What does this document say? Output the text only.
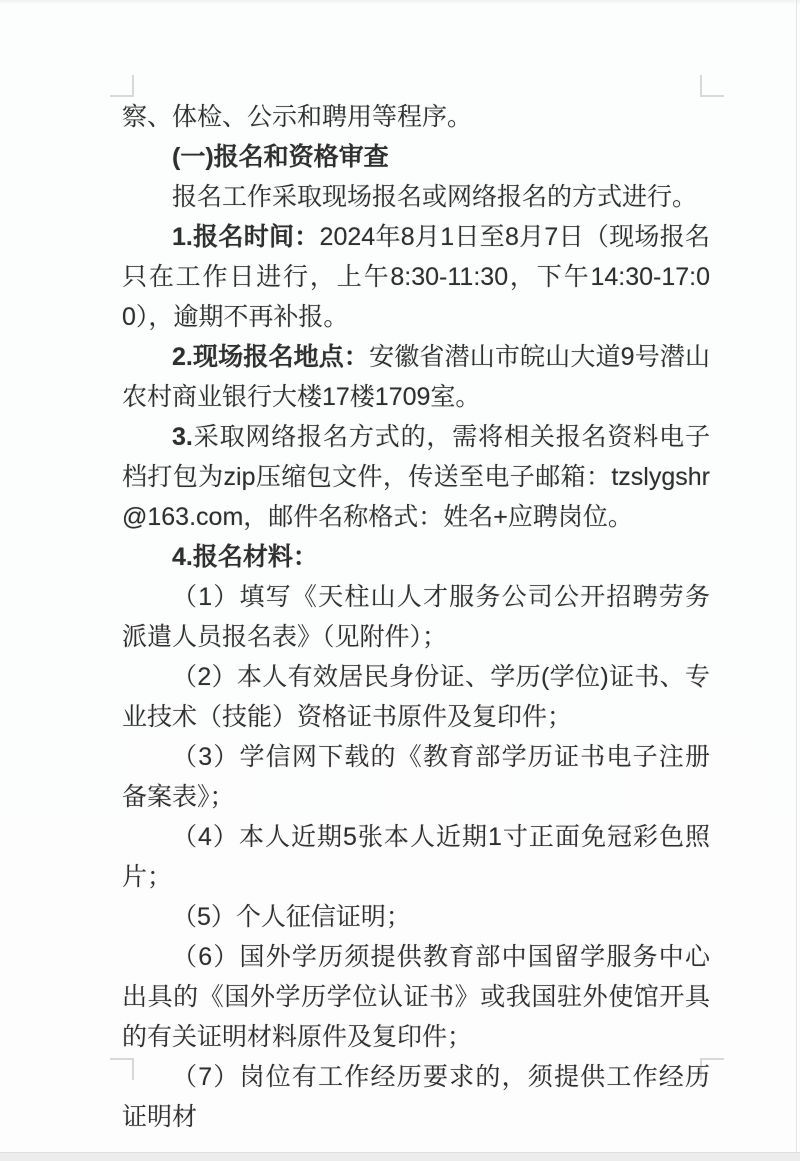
察、体检、公示和聘用等程序。

(一)报名和资格审查

报名工作采取现场报名或网络报名的方式进行。

1.报名时间：2024年8月1日至8月7日（现场报名只在工作日进行，上午8:30-11:30，下午14:30-17:00），逾期不再补报。

2.现场报名地点：安徽省潜山市皖山大道9号潜山农村商业银行大楼17楼1709室。

3.采取网络报名方式的，需将相关报名资料电子档打包为zip压缩包文件，传送至电子邮箱：tzslygshr@163.com，邮件名称格式：姓名+应聘岗位。

4.报名材料：

（1）填写《天柱山人才服务公司公开招聘劳务派遣人员报名表》（见附件）；

（2）本人有效居民身份证、学历(学位)证书、专业技术（技能）资格证书原件及复印件；

（3）学信网下载的《教育部学历证书电子注册备案表》；

（4）本人近期5张本人近期1寸正面免冠彩色照片；

（5）个人征信证明；

（6）国外学历须提供教育部中国留学服务中心出具的《国外学历学位认证书》或我国驻外使馆开具的有关证明材料原件及复印件；

（7）岗位有工作经历要求的，须提供工作经历证明材
